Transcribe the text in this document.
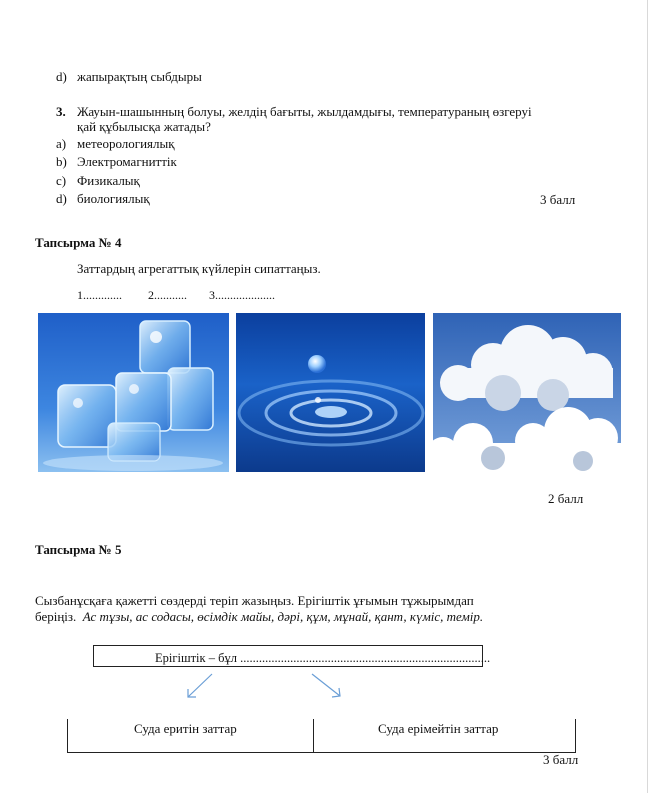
d) жапырақтың сыбдыры
3. Жауын-шашынның болуы, желдің бағыты, жылдамдығы, температураның өзгеруі
қай құбылысқа жатады?
a) метеорологиялық
b) Электромагниттік
c) Физикалық
d) биологиялық	3 балл
Тапсырма № 4
Заттардың агрегаттық күйлерін сипаттаңыз.
1............. 2........... 3....................
2 балл
Тапсырма № 5
Сызбанұсқаға қажетті сөздерді теріп жазыңыз. Ерігіштік ұғымын тұжырымдап
беріңіз. Ас тұзы, ас содасы, өсімдік майы, дәрі, құм, мұнай, қант, күміс, темір.
Ерігіштік – бұл ................................................................................
Суда еритін заттар	Суда ерімейтін заттар
3 балл
